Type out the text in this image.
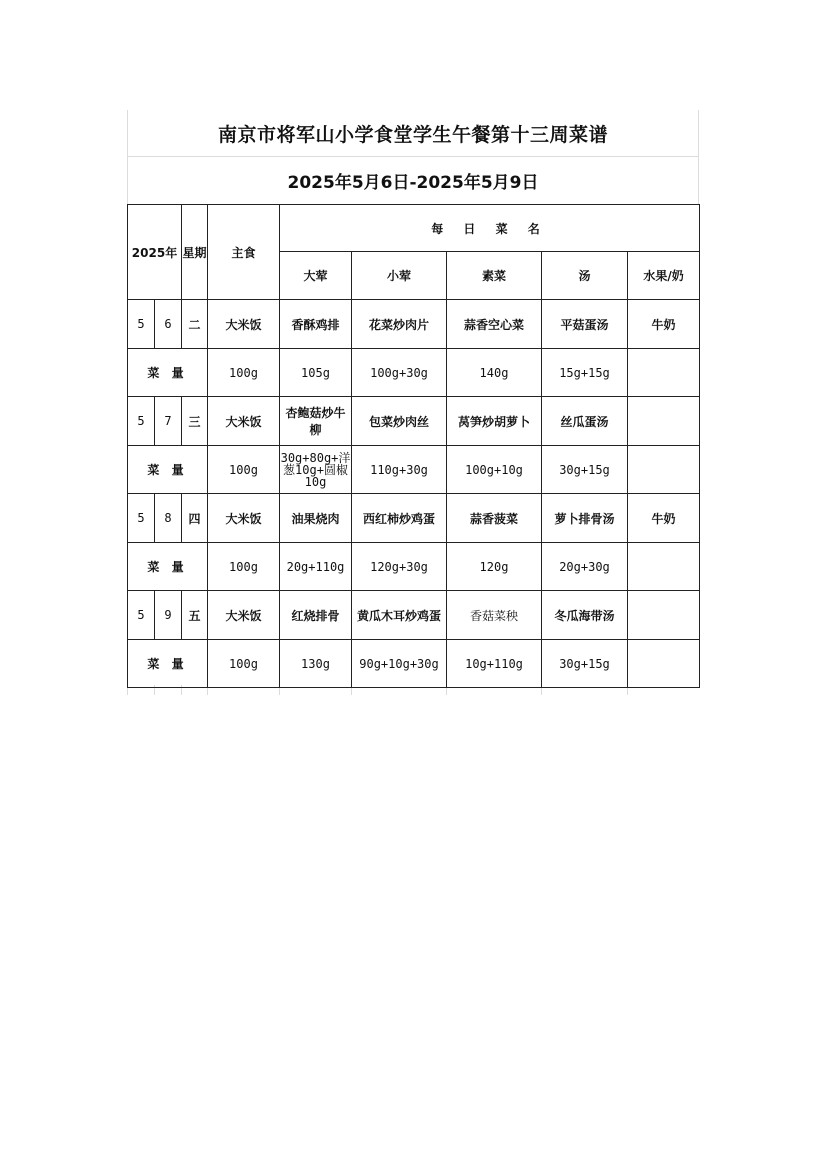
南京市将军山小学食堂学生午餐第十三周菜谱
2025年5月6日-2025年5月9日
2025年		星期	主食	每 日 菜 名				
				大荤	小荤	素菜	汤	水果/奶
5	6	二	大米饭	香酥鸡排	花菜炒肉片	蒜香空心菜	平菇蛋汤	牛奶
菜 量			100g	105g	100g+30g	140g	15g+15g	
5	7	三	大米饭	杏鲍菇炒牛柳	包菜炒肉丝	莴笋炒胡萝卜	丝瓜蛋汤	
菜 量			100g	30g+80g+洋葱10g+圆椒10g	110g+30g	100g+10g	30g+15g	
5	8	四	大米饭	油果烧肉	西红柿炒鸡蛋	蒜香菠菜	萝卜排骨汤	牛奶
菜 量			100g	20g+110g	120g+30g	120g	20g+30g	
5	9	五	大米饭	红烧排骨	黄瓜木耳炒鸡蛋	香菇菜秧	冬瓜海带汤	
菜 量			100g	130g	90g+10g+30g	10g+110g	30g+15g	
